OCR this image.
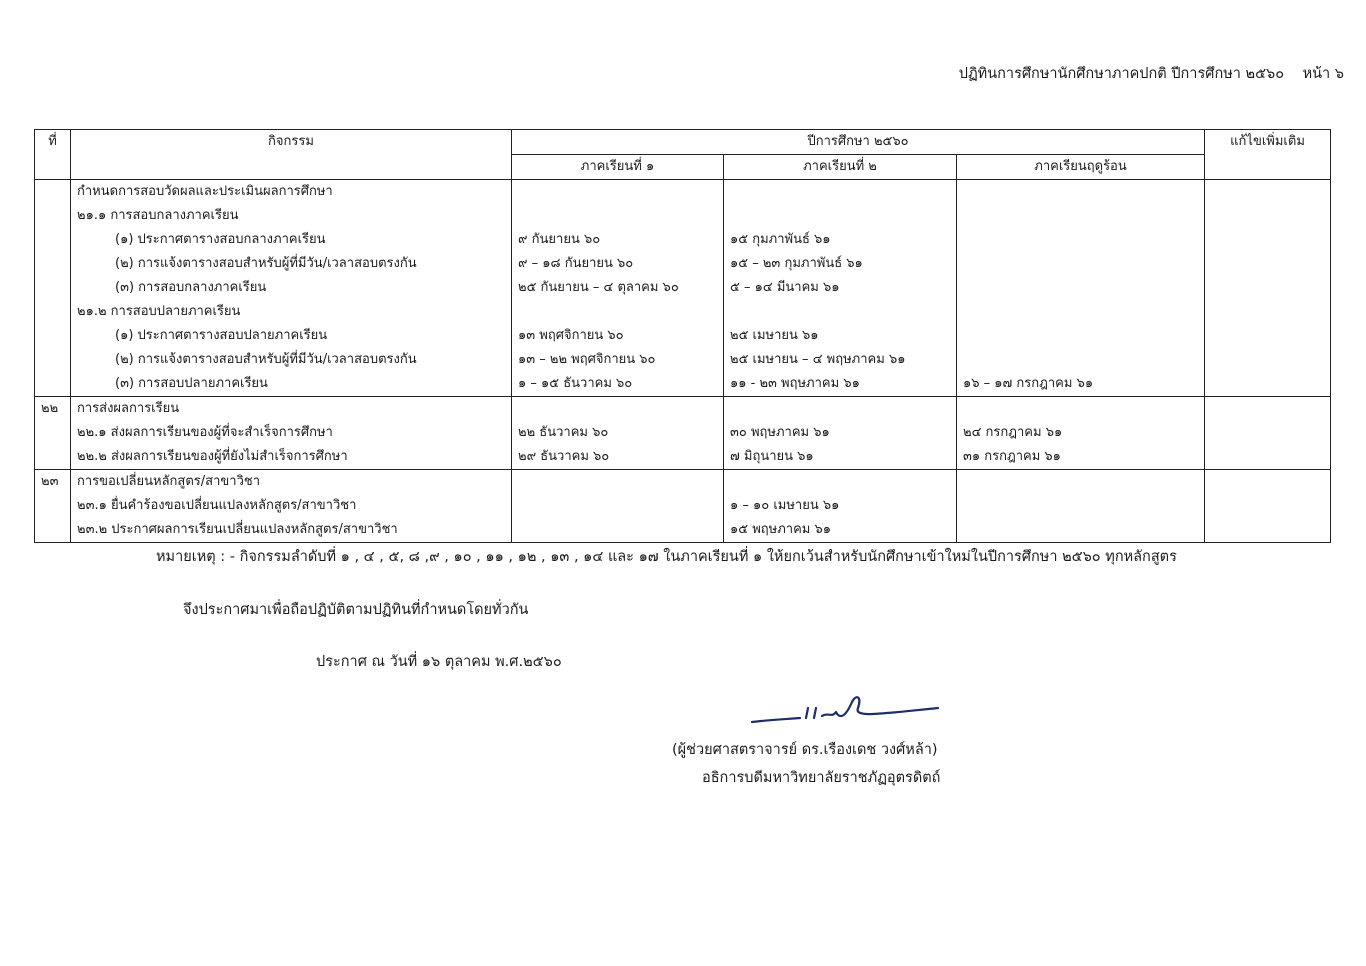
ปฏิทินการศึกษานักศึกษาภาคปกติ ปีการศึกษา ๒๕๖๐ หน้า ๖
ที่	กิจกรรม	ปีการศึกษา ๒๕๖๐			แก้ไขเพิ่มเติม
		ภาคเรียนที่ ๑	ภาคเรียนที่ ๒	ภาคเรียนฤดูร้อน	
	กำหนดการสอบวัดผลและประเมินผลการศึกษา				
	๒๑.๑ การสอบกลางภาคเรียน				
	(๑) ประกาศตารางสอบกลางภาคเรียน	๙ กันยายน ๖๐	๑๕ กุมภาพันธ์ ๖๑		
	(๒) การแจ้งตารางสอบสำหรับผู้ที่มีวัน/เวลาสอบตรงกัน	๙ – ๑๘ กันยายน ๖๐	๑๕ – ๒๓ กุมภาพันธ์ ๖๑		
	(๓) การสอบกลางภาคเรียน	๒๕ กันยายน – ๔ ตุลาคม ๖๐	๕ – ๑๔ มีนาคม ๖๑		
	๒๑.๒ การสอบปลายภาคเรียน				
	(๑) ประกาศตารางสอบปลายภาคเรียน	๑๓ พฤศจิกายน ๖๐	๒๕ เมษายน ๖๑		
	(๒) การแจ้งตารางสอบสำหรับผู้ที่มีวัน/เวลาสอบตรงกัน	๑๓ – ๒๒ พฤศจิกายน ๖๐	๒๕ เมษายน – ๔ พฤษภาคม ๖๑		
	(๓) การสอบปลายภาคเรียน	๑ – ๑๕ ธันวาคม ๖๐	๑๑ - ๒๓ พฤษภาคม ๖๑	๑๖ – ๑๗ กรกฎาคม ๖๑	
๒๒	การส่งผลการเรียน				
	๒๒.๑ ส่งผลการเรียนของผู้ที่จะสำเร็จการศึกษา	๒๒ ธันวาคม ๖๐	๓๐ พฤษภาคม ๖๑	๒๔ กรกฎาคม ๖๑	
	๒๒.๒ ส่งผลการเรียนของผู้ที่ยังไม่สำเร็จการศึกษา	๒๙ ธันวาคม ๖๐	๗ มิถุนายน ๖๑	๓๑ กรกฎาคม ๖๑	
๒๓	การขอเปลี่ยนหลักสูตร/สาขาวิชา				
	๒๓.๑ ยื่นคำร้องขอเปลี่ยนแปลงหลักสูตร/สาขาวิชา		๑ – ๑๐ เมษายน ๖๑		
	๒๓.๒ ประกาศผลการเรียนเปลี่ยนแปลงหลักสูตร/สาขาวิชา		๑๕ พฤษภาคม ๖๑		
หมายเหตุ : - กิจกรรมลำดับที่ ๑ , ๔ , ๕, ๘ ,๙ , ๑๐ , ๑๑ , ๑๒ , ๑๓ , ๑๔ และ ๑๗ ในภาคเรียนที่ ๑ ให้ยกเว้นสำหรับนักศึกษาเข้าใหม่ในปีการศึกษา ๒๕๖๐ ทุกหลักสูตร
จึงประกาศมาเพื่อถือปฏิบัติตามปฏิทินที่กำหนดโดยทั่วกัน
ประกาศ ณ วันที่ ๑๖ ตุลาคม พ.ศ.๒๕๖๐
(ผู้ช่วยศาสตราจารย์ ดร.เรืองเดช วงศ์หล้า)
อธิการบดีมหาวิทยาลัยราชภัฏอุตรดิตถ์
